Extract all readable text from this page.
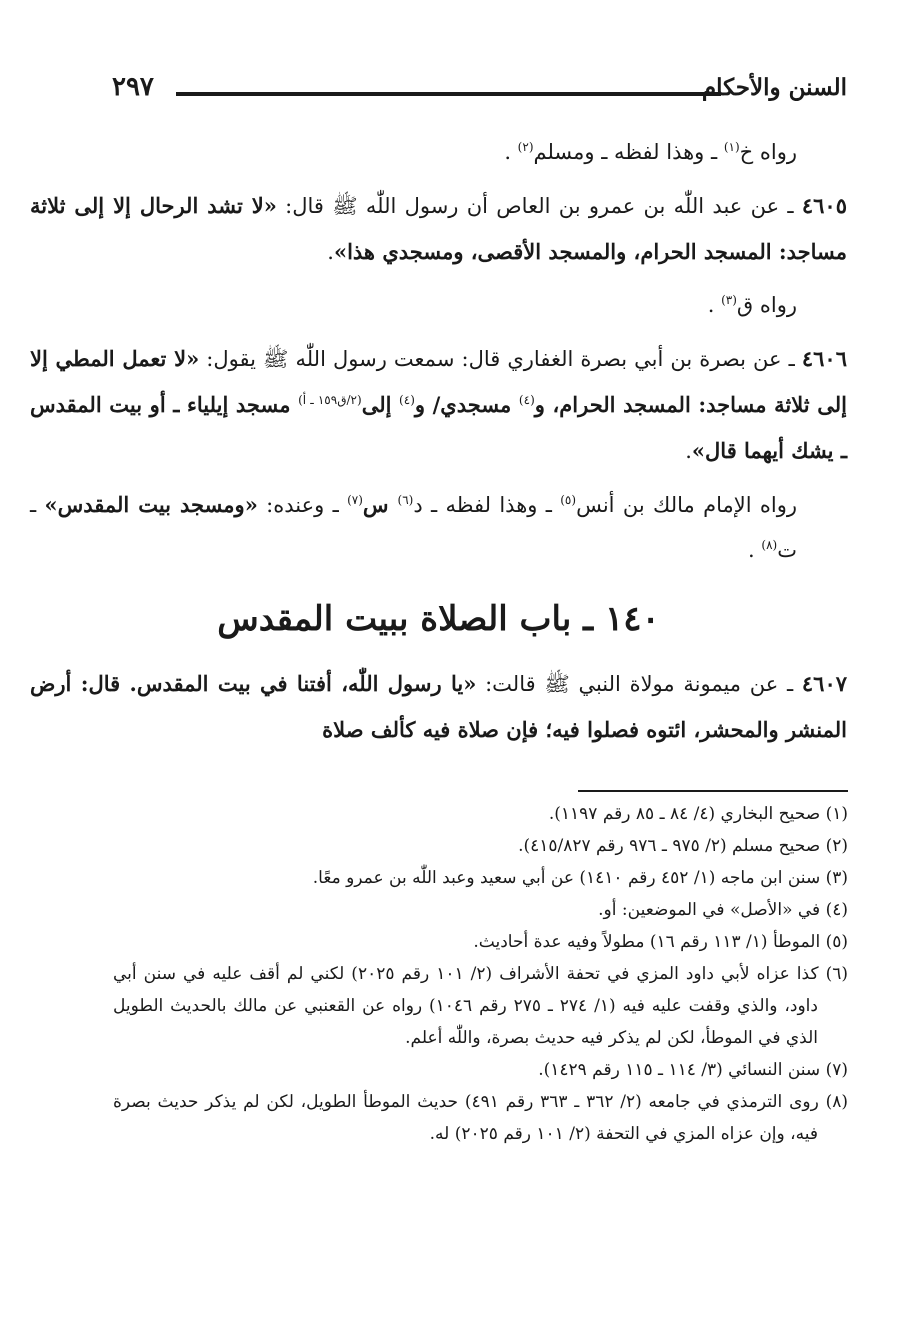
٢٩٧	السنن والأحكام

رواه خ$^{(١)}$ ـ وهذا لفظه ـ ومسلم$^{(٢)}$ .

٤٦٠٥ ـ عن عبد اللّٰه بن عمرو بن العاص أن رسول اللّٰه ﷺ قال: «لا تشد الرحال إلا إلى ثلاثة مساجد: المسجد الحرام، والمسجد الأقصى، ومسجدي هذا».

رواه ق$^{(٣)}$ .

٤٦٠٦ ـ عن بصرة بن أبي بصرة الغفاري قال: سمعت رسول اللّٰه ﷺ يقول: «لا تعمل المطي إلا إلى ثلاثة مساجد: المسجد الحرام، و$^{(٤)}$ مسجدي/ و$^{(٤)}$ إلى$^{(٢/ق١٥٩ ـ أ)}$ مسجد إيلياء ـ أو بيت المقدس ـ يشك أيهما قال».

رواه الإمام مالك بن أنس$^{(٥)}$ ـ وهذا لفظه ـ د$^{(٦)}$ س$^{(٧)}$ ـ وعنده: «ومسجد بيت المقدس» ـ ت$^{(٨)}$ .

١٤٠ ـ باب الصلاة ببيت المقدس

٤٦٠٧ ـ عن ميمونة مولاة النبي ﷺ قالت: «يا رسول اللّٰه، أفتنا في بيت المقدس. قال: أرض المنشر والمحشر، ائتوه فصلوا فيه؛ فإن صلاة فيه كألف صلاة

(١) صحيح البخاري (٤/ ٨٤ ـ ٨٥ رقم ١١٩٧).

(٢) صحيح مسلم (٢/ ٩٧٥ ـ ٩٧٦ رقم ٤١٥/٨٢٧).

(٣) سنن ابن ماجه (١/ ٤٥٢ رقم ١٤١٠) عن أبي سعيد وعبد اللّٰه بن عمرو معًا.

(٤) في «الأصل» في الموضعين: أو.

(٥) الموطأ (١/ ١١٣ رقم ١٦) مطولاً وفيه عدة أحاديث.

(٦) كذا عزاه لأبي داود المزي في تحفة الأشراف (٢/ ١٠١ رقم ٢٠٢٥) لكني لم أقف عليه في سنن أبي داود، والذي وقفت عليه فيه (١/ ٢٧٤ ـ ٢٧٥ رقم ١٠٤٦) رواه عن القعنبي عن مالك بالحديث الطويل الذي في الموطأ، لكن لم يذكر فيه حديث بصرة، واللّٰه أعلم.

(٧) سنن النسائي (٣/ ١١٤ ـ ١١٥ رقم ١٤٢٩).

(٨) روى الترمذي في جامعه (٢/ ٣٦٢ ـ ٣٦٣ رقم ٤٩١) حديث الموطأ الطويل، لكن لم يذكر حديث بصرة فيه، وإن عزاه المزي في التحفة (٢/ ١٠١ رقم ٢٠٢٥) له.
